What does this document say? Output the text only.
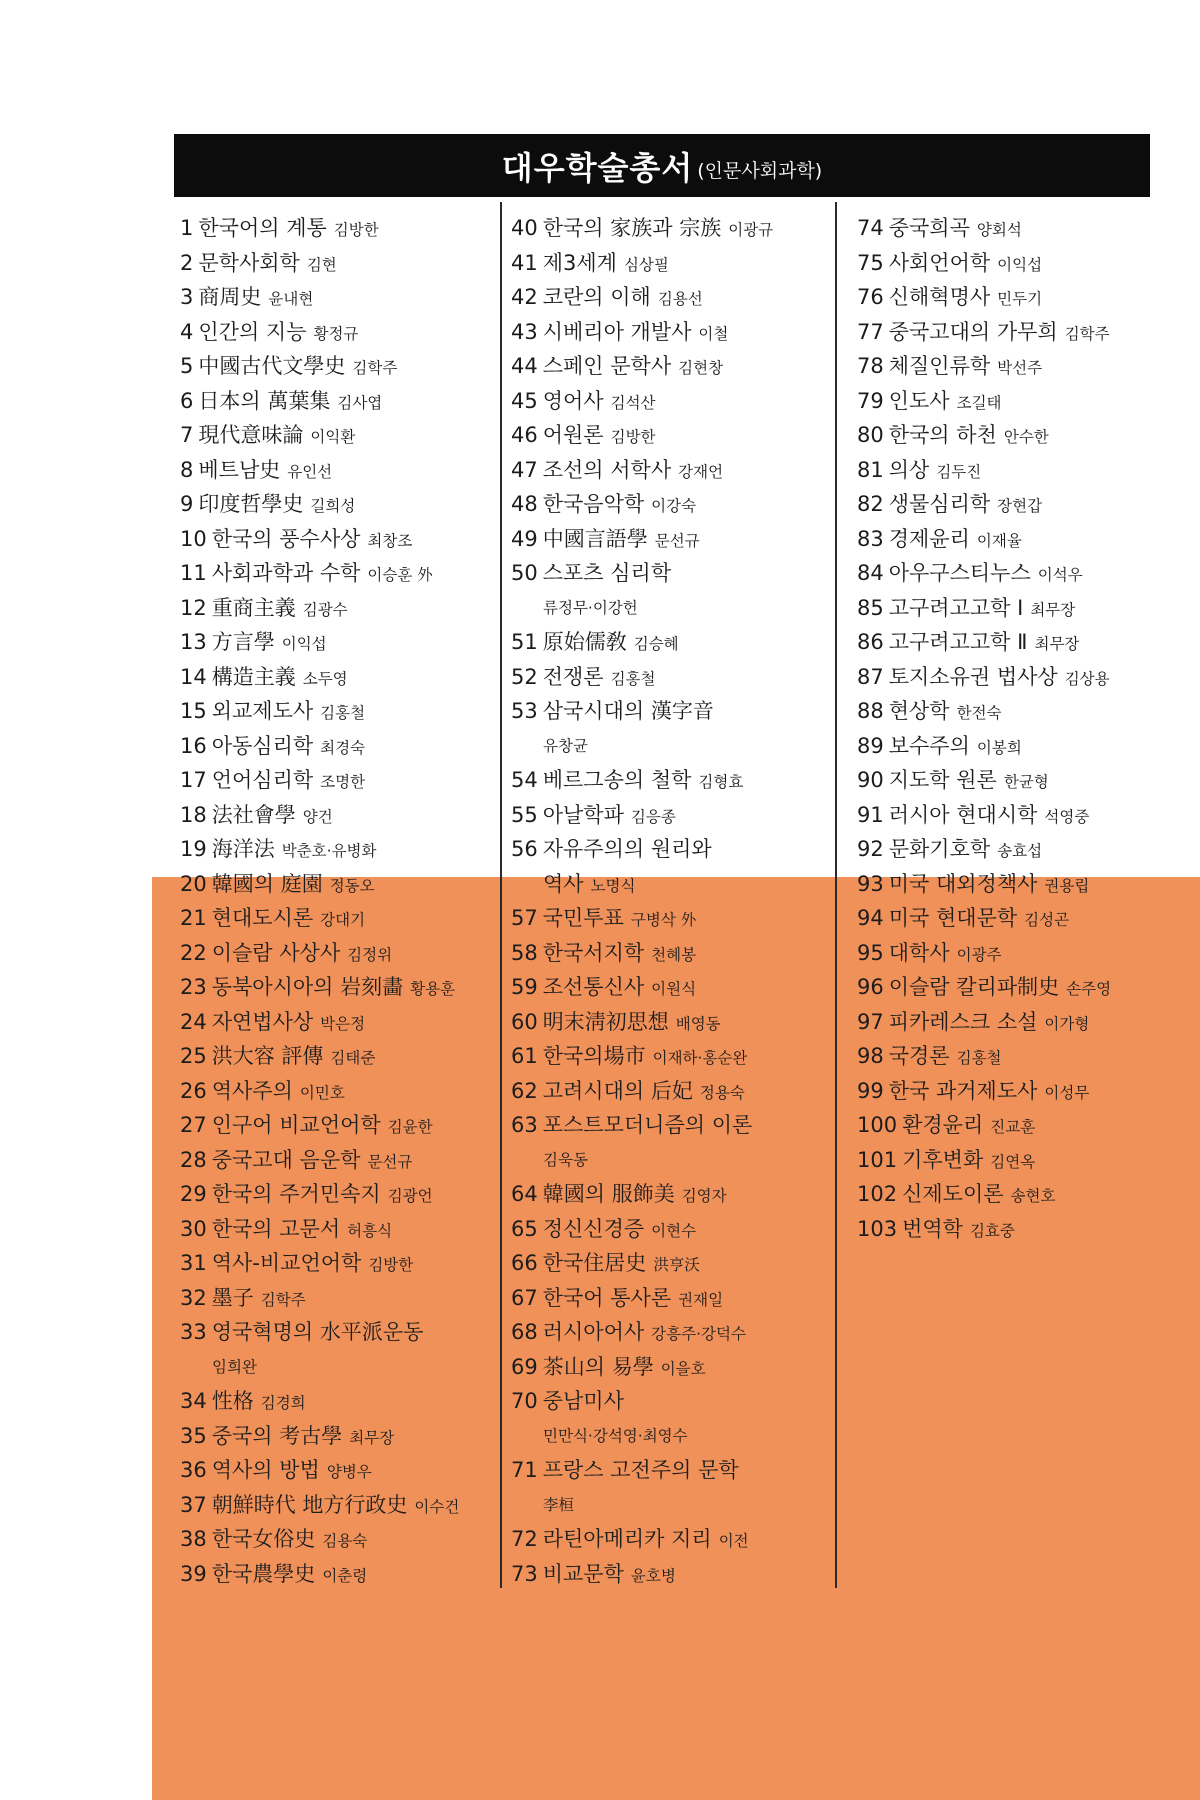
대우학술총서 (인문사회과학)
1 한국어의 계통 김방한
2 문학사회학 김현
3 商周史 윤내현
4 인간의 지능 황정규
5 中國古代文學史 김학주
6 日本의 萬葉集 김사엽
7 現代意味論 이익환
8 베트남史 유인선
9 印度哲學史 길희성
10 한국의 풍수사상 최창조
11 사회과학과 수학 이승훈 外
12 重商主義 김광수
13 方言學 이익섭
14 構造主義 소두영
15 외교제도사 김홍철
16 아동심리학 최경숙
17 언어심리학 조명한
18 法社會學 양건
19 海洋法 박춘호·유병화
20 韓國의 庭園 정동오
21 현대도시론 강대기
22 이슬람 사상사 김정위
23 동북아시아의 岩刻畵 황용훈
24 자연법사상 박은정
25 洪大容 評傳 김태준
26 역사주의 이민호
27 인구어 비교언어학 김윤한
28 중국고대 음운학 문선규
29 한국의 주거민속지 김광언
30 한국의 고문서 허흥식
31 역사-비교언어학 김방한
32 墨子 김학주
33 영국혁명의 水平派운동
임희완
34 性格 김경희
35 중국의 考古學 최무장
36 역사의 방법 양병우
37 朝鮮時代 地方行政史 이수건
38 한국女俗史 김용숙
39 한국農學史 이춘령
40 한국의 家族과 宗族 이광규
41 제3세계 심상필
42 코란의 이해 김용선
43 시베리아 개발사 이철
44 스페인 문학사 김현창
45 영어사 김석산
46 어원론 김방한
47 조선의 서학사 강재언
48 한국음악학 이강숙
49 中國言語學 문선규
50 스포츠 심리학
류정무·이강헌
51 原始儒敎 김승혜
52 전쟁론 김홍철
53 삼국시대의 漢字音
유창균
54 베르그송의 철학 김형효
55 아날학파 김응종
56 자유주의의 원리와
역사 노명식
57 국민투표 구병삭 外
58 한국서지학 천혜봉
59 조선통신사 이원식
60 明末淸初思想 배영동
61 한국의場市 이재하·홍순완
62 고려시대의 后妃 정용숙
63 포스트모더니즘의 이론
김욱동
64 韓國의 服飾美 김영자
65 정신신경증 이현수
66 한국住居史 洪亨沃
67 한국어 통사론 권재일
68 러시아어사 강흥주·강덕수
69 茶山의 易學 이을호
70 중남미사
민만식·강석영·최영수
71 프랑스 고전주의 문학
李桓
72 라틴아메리카 지리 이전
73 비교문학 윤호병
74 중국희곡 양회석
75 사회언어학 이익섭
76 신해혁명사 민두기
77 중국고대의 가무희 김학주
78 체질인류학 박선주
79 인도사 조길태
80 한국의 하천 안수한
81 의상 김두진
82 생물심리학 장현갑
83 경제윤리 이재율
84 아우구스티누스 이석우
85 고구려고고학 Ⅰ 최무장
86 고구려고고학 Ⅱ 최무장
87 토지소유권 법사상 김상용
88 현상학 한전숙
89 보수주의 이봉희
90 지도학 원론 한균형
91 러시아 현대시학 석영중
92 문화기호학 송효섭
93 미국 대외정책사 권용립
94 미국 현대문학 김성곤
95 대학사 이광주
96 이슬람 칼리파制史 손주영
97 피카레스크 소설 이가형
98 국경론 김홍철
99 한국 과거제도사 이성무
100 환경윤리 진교훈
101 기후변화 김연옥
102 신제도이론 송현호
103 번역학 김효중
